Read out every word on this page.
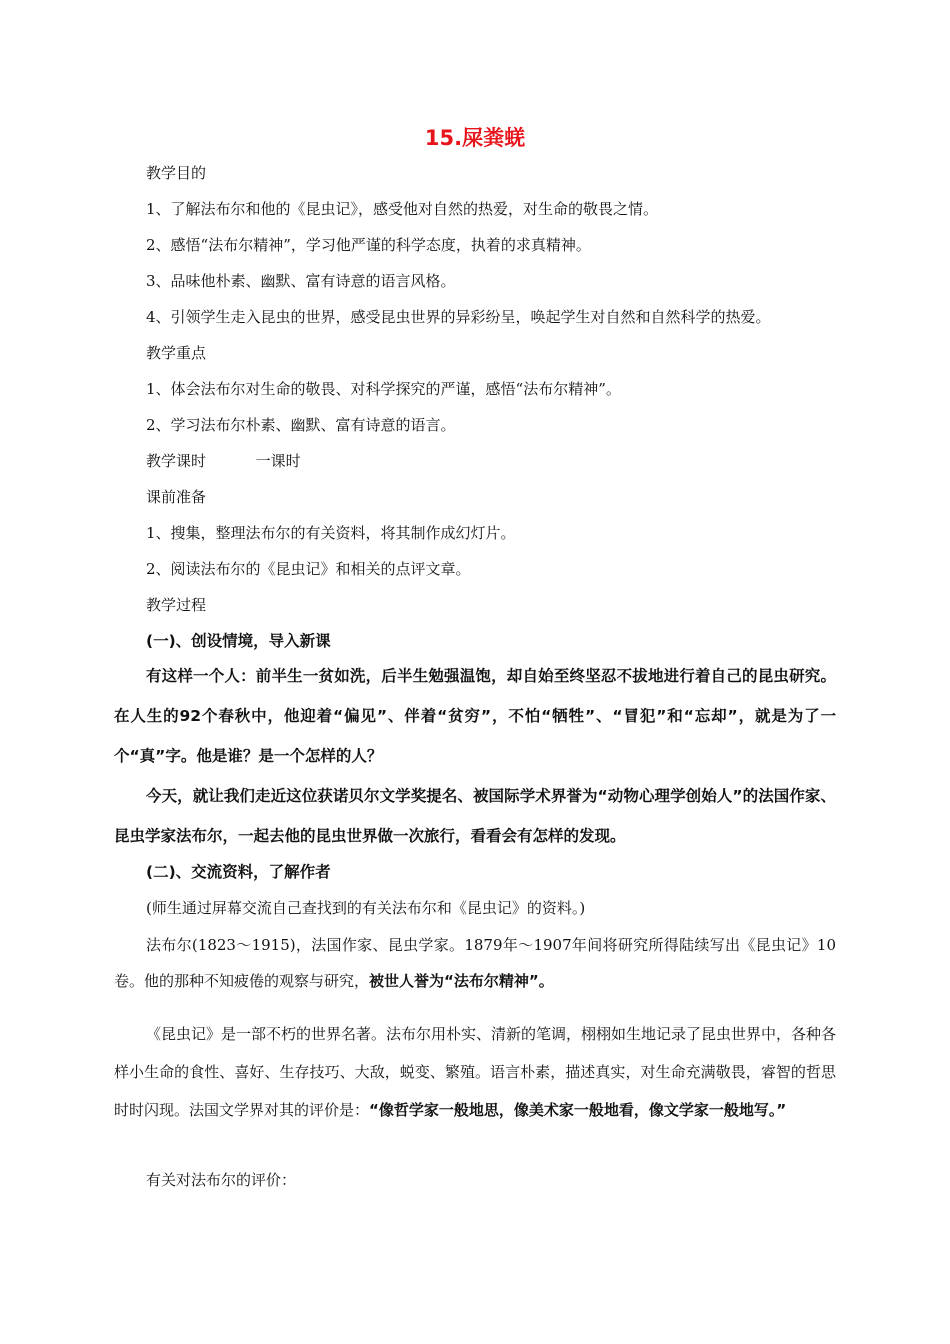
15.屎粪蜣
教学目的
1、了解法布尔和他的《昆虫记》，感受他对自然的热爱，对生命的敬畏之情。
2、感悟“法布尔精神”，学习他严谨的科学态度，执着的求真精神。
3、品味他朴素、幽默、富有诗意的语言风格。
4、引领学生走入昆虫的世界，感受昆虫世界的异彩纷呈，唤起学生对自然和自然科学的热爱。
教学重点
1、体会法布尔对生命的敬畏、对科学探究的严谨，感悟“法布尔精神”。
2、学习法布尔朴素、幽默、富有诗意的语言。
教学课时	一课时
课前准备
1、搜集，整理法布尔的有关资料，将其制作成幻灯片。
2、阅读法布尔的《昆虫记》和相关的点评文章。
教学过程
(一)、创设情境，导入新课

有这样一个人：前半生一贫如洗，后半生勉强温饱，却自始至终坚忍不拔地进行着自己的昆虫研究。在人生的92个春秋中，他迎着“偏见”、伴着“贫穷”，不怕“牺牲”、“冒犯”和“忘却”，就是为了一个“真”字。他是谁？是一个怎样的人？

今天，就让我们走近这位获诺贝尔文学奖提名、被国际学术界誉为“动物心理学创始人”的法国作家、昆虫学家法布尔，一起去他的昆虫世界做一次旅行，看看会有怎样的发现。

(二)、交流资料，了解作者
(师生通过屏幕交流自己查找到的有关法布尔和《昆虫记》的资料。)

法布尔(1823～1915)，法国作家、昆虫学家。1879年～1907年间将研究所得陆续写出《昆虫记》10卷。他的那种不知疲倦的观察与研究，被世人誉为“法布尔精神”。

《昆虫记》是一部不朽的世界名著。法布尔用朴实、清新的笔调，栩栩如生地记录了昆虫世界中，各种各样小生命的食性、喜好、生存技巧、大敌，蜕变、繁殖。语言朴素，描述真实，对生命充满敬畏，睿智的哲思时时闪现。法国文学界对其的评价是：“像哲学家一般地思，像美术家一般地看，像文学家一般地写。”

有关对法布尔的评价：
